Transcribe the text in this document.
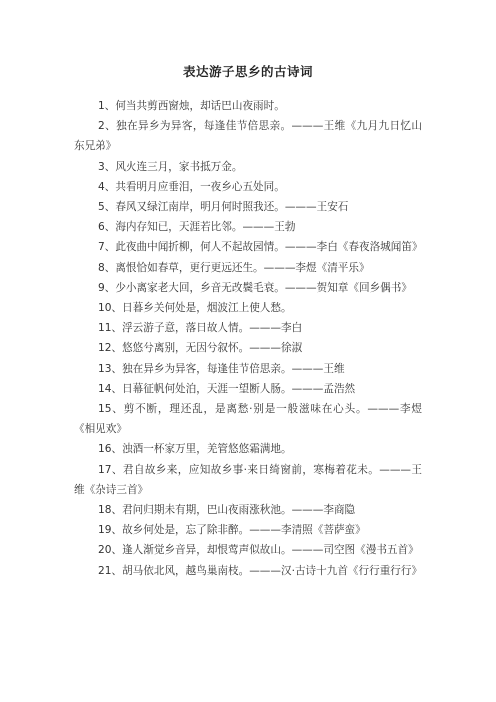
表达游子思乡的古诗词

1、何当共剪西窗烛，却话巴山夜雨时。

2、独在异乡为异客，每逢佳节倍思亲。———王维《九月九日忆山东兄弟》

3、风火连三月，家书抵万金。

4、共看明月应垂泪，一夜乡心五处同。

5、春风又绿江南岸，明月何时照我还。———王安石

6、海内存知已，天涯若比邻。———王勃

7、此夜曲中闻折柳，何人不起故园情。———李白《春夜洛城闻笛》

8、离恨恰如春草，更行更远还生。———李煜《清平乐》

9、少小离家老大回，乡音无改鬓毛衰。———贺知章《回乡偶书》

10、日暮乡关何处是，烟波江上使人愁。

11、浮云游子意，落日故人情。———李白

12、悠悠兮离别，无因兮叙怀。———徐淑

13、独在异乡为异客，每逢佳节倍思亲。———王维

14、日幕征帆何处泊，天涯一望断人肠。———孟浩然

15、剪不断，理还乱，是离愁·别是一般滋味在心头。———李煜《相见欢》

16、浊酒一杯家万里，羌管悠悠霜满地。

17、君自故乡来，应知故乡事·来日绮窗前，寒梅着花未。———王维《杂诗三首》

18、君问归期未有期，巴山夜雨涨秋池。———李商隐

19、故乡何处是，忘了除非醉。———李清照《菩萨蛮》

20、逢人渐觉乡音异，却恨莺声似故山。———司空图《漫书五首》

21、胡马依北风，越鸟巢南枝。———汉·古诗十九首《行行重行行》
